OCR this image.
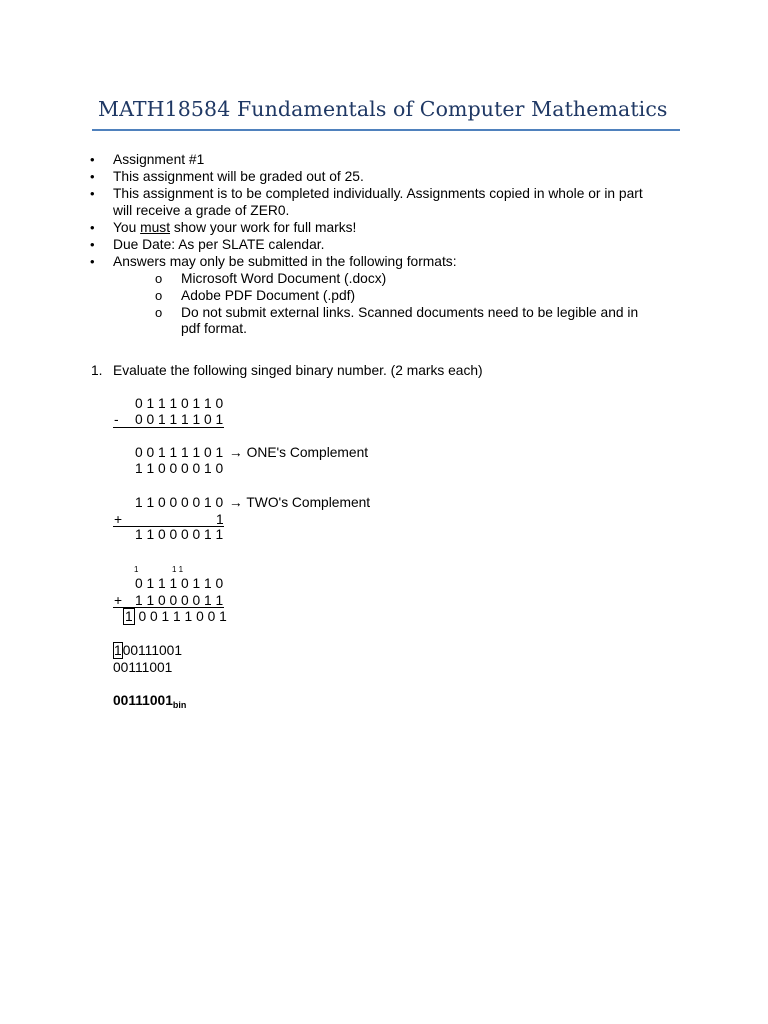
MATH18584 Fundamentals of Computer Mathematics
• Assignment #1
• This assignment will be graded out of 25.
• This assignment is to be completed individually. Assignments copied in whole or in part
will receive a grade of ZER0.
• You must show your work for full marks!
• Due Date: As per SLATE calendar.
• Answers may only be submitted in the following formats:
o Microsoft Word Document (.docx)
o Adobe PDF Document (.pdf)
o Do not submit external links. Scanned documents need to be legible and in
pdf format.
1. Evaluate the following singed binary number. (2 marks each)
0 1 1 1 0 1 1 0
- 0 0 1 1 1 1 0 1
0 0 1 1 1 1 0 1 → ONE's Complement
1 1 0 0 0 0 1 0
1 1 0 0 0 0 1 0 → TWO's Complement
+	1
1 1 0 0 0 0 1 1
1	1 1
0 1 1 1 0 1 1 0
+ 1 1 0 0 0 0 1 1
1 0 0 1 1 1 0 0 1
100111001
00111001
$00111001_{bin}$
